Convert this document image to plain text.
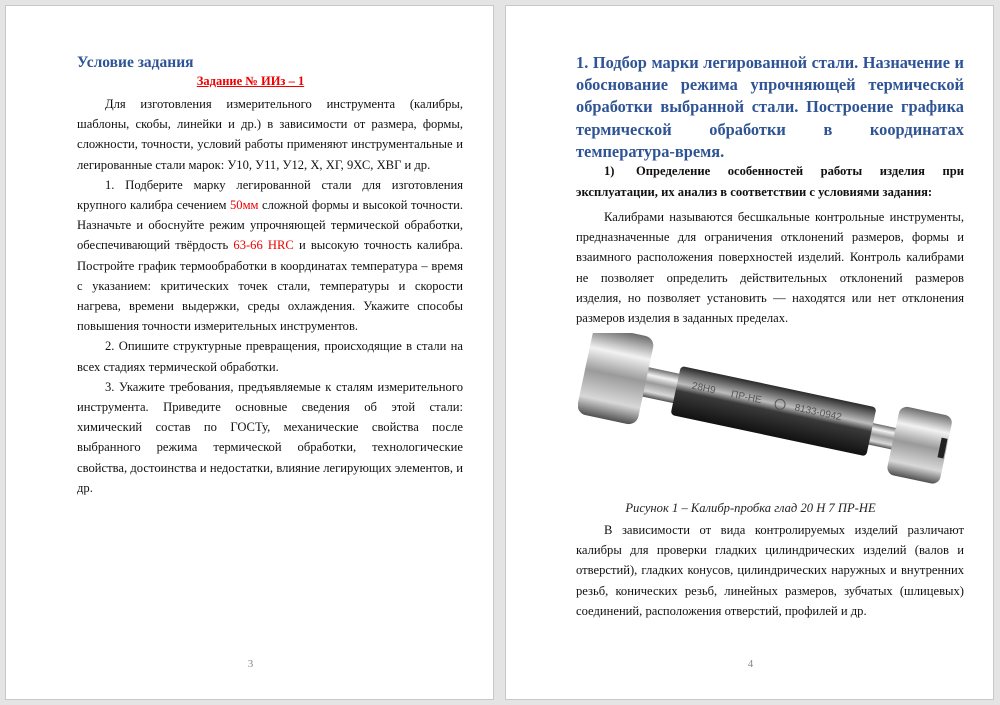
Условие задания
Задание № ИИз – 1

Для изготовления измерительного инструмента (калибры, шаблоны, скобы, линейки и др.) в зависимости от размера, формы, сложности, точности, условий работы применяют инструментальные и легированные стали марок: У10, У11, У12, Х, ХГ, 9ХС, ХВГ и др.

1. Подберите марку легированной стали для изготовления крупного калибра сечением 50мм сложной формы и высокой точности. Назначьте и обоснуйте режим упрочняющей термической обработки, обеспечивающий твёрдость 63-66 HRC и высокую точность калибра. Постройте график термообработки в координатах температура – время с указанием: критических точек стали, температуры и скорости нагрева, времени выдержки, среды охлаждения. Укажите способы повышения точности измерительных инструментов.

2. Опишите структурные превращения, происходящие в стали на всех стадиях термической обработки.

3. Укажите требования, предъявляемые к сталям измерительного инструмента. Приведите основные сведения об этой стали: химический состав по ГОСТу, механические свойства после выбранного режима термической обработки, технологические свойства, достоинства и недостатки, влияние легирующих элементов, и др.

3
1. Подбор марки легированной стали. Назначение и обоснование режима упрочняющей термической обработки выбранной стали. Построение графика термической обработки в координатах температура-время.
1) Определение особенностей работы изделия при эксплуатации, их анализ в соответствии с условиями задания:

Калибрами называются бесшкальные контрольные инструменты, предназначенные для ограничения отклонений размеров, формы и взаимного расположения поверхностей изделий. Контроль калибрами не позволяет определить действительных отклонений размеров изделия, но позволяет установить — находятся или нет отклонения размеров изделия в заданных пределах.

28H9
ПР-НЕ
8133-0942
Рисунок 1 – Калибр-пробка глад 20 Н 7 ПР-НЕ

В зависимости от вида контролируемых изделий различают калибры для проверки гладких цилиндрических изделий (валов и отверстий), гладких конусов, цилиндрических наружных и внутренних резьб, конических резьб, линейных размеров, зубчатых (шлицевых) соединений, расположения отверстий, профилей и др.

4
